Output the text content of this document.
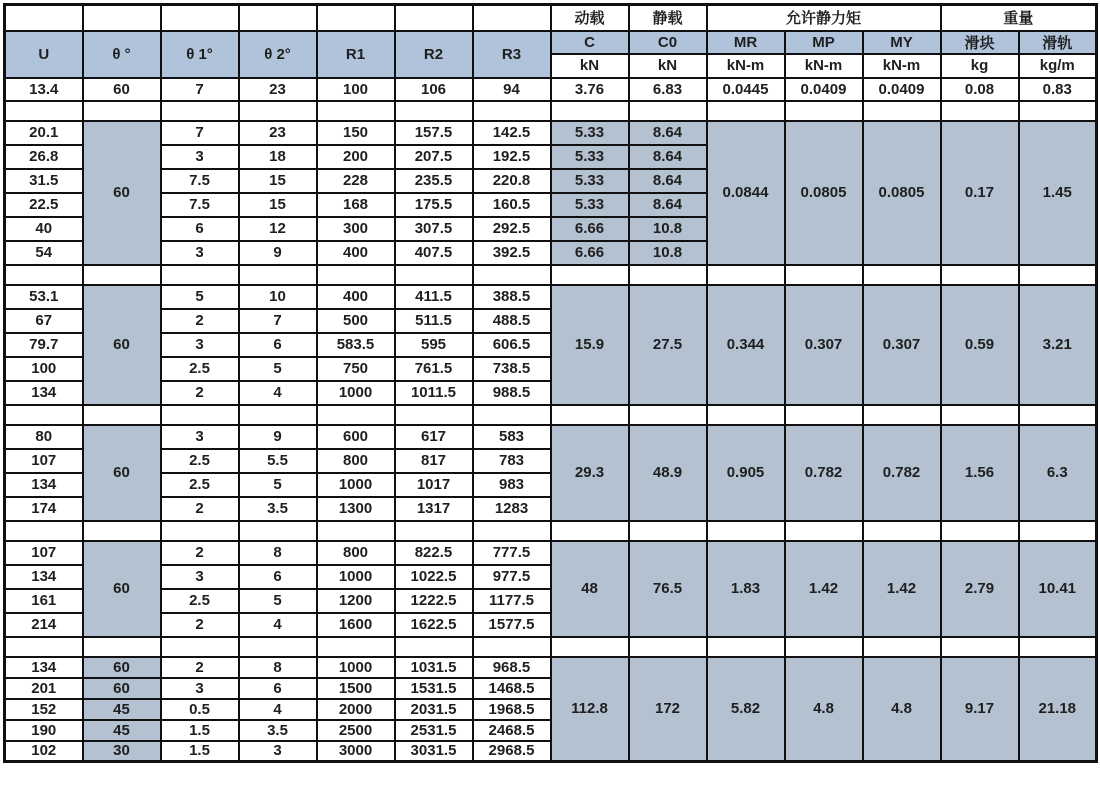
							动载	静载	允许静力矩			重量	
U	θ °	θ 1°	θ 2°	R1	R2	R3	C	C0	MR	MP	MY	滑块	滑轨
							kN	kN	kN-m	kN-m	kN-m	kg	kg/m
13.4	60	7	23	100	106	94	3.76	6.83	0.0445	0.0409	0.0409	0.08	0.83

20.1	60	7	23	150	157.5	142.5	5.33	8.64	0.0844	0.0805	0.0805	0.17	1.45
26.8		3	18	200	207.5	192.5	5.33	8.64					
31.5		7.5	15	228	235.5	220.8	5.33	8.64					
22.5		7.5	15	168	175.5	160.5	5.33	8.64					
40		6	12	300	307.5	292.5	6.66	10.8					
54		3	9	400	407.5	392.5	6.66	10.8					

53.1	60	5	10	400	411.5	388.5	15.9	27.5	0.344	0.307	0.307	0.59	3.21
67		2	7	500	511.5	488.5							
79.7		3	6	583.5	595	606.5							
100		2.5	5	750	761.5	738.5							
134		2	4	1000	1011.5	988.5							

80	60	3	9	600	617	583	29.3	48.9	0.905	0.782	0.782	1.56	6.3
107		2.5	5.5	800	817	783							
134		2.5	5	1000	1017	983							
174		2	3.5	1300	1317	1283							

107	60	2	8	800	822.5	777.5	48	76.5	1.83	1.42	1.42	2.79	10.41
134		3	6	1000	1022.5	977.5							
161		2.5	5	1200	1222.5	1177.5							
214		2	4	1600	1622.5	1577.5							

134	60	2	8	1000	1031.5	968.5	112.8	172	5.82	4.8	4.8	9.17	21.18
201	60	3	6	1500	1531.5	1468.5							
152	45	0.5	4	2000	2031.5	1968.5							
190	45	1.5	3.5	2500	2531.5	2468.5							
102	30	1.5	3	3000	3031.5	2968.5							
